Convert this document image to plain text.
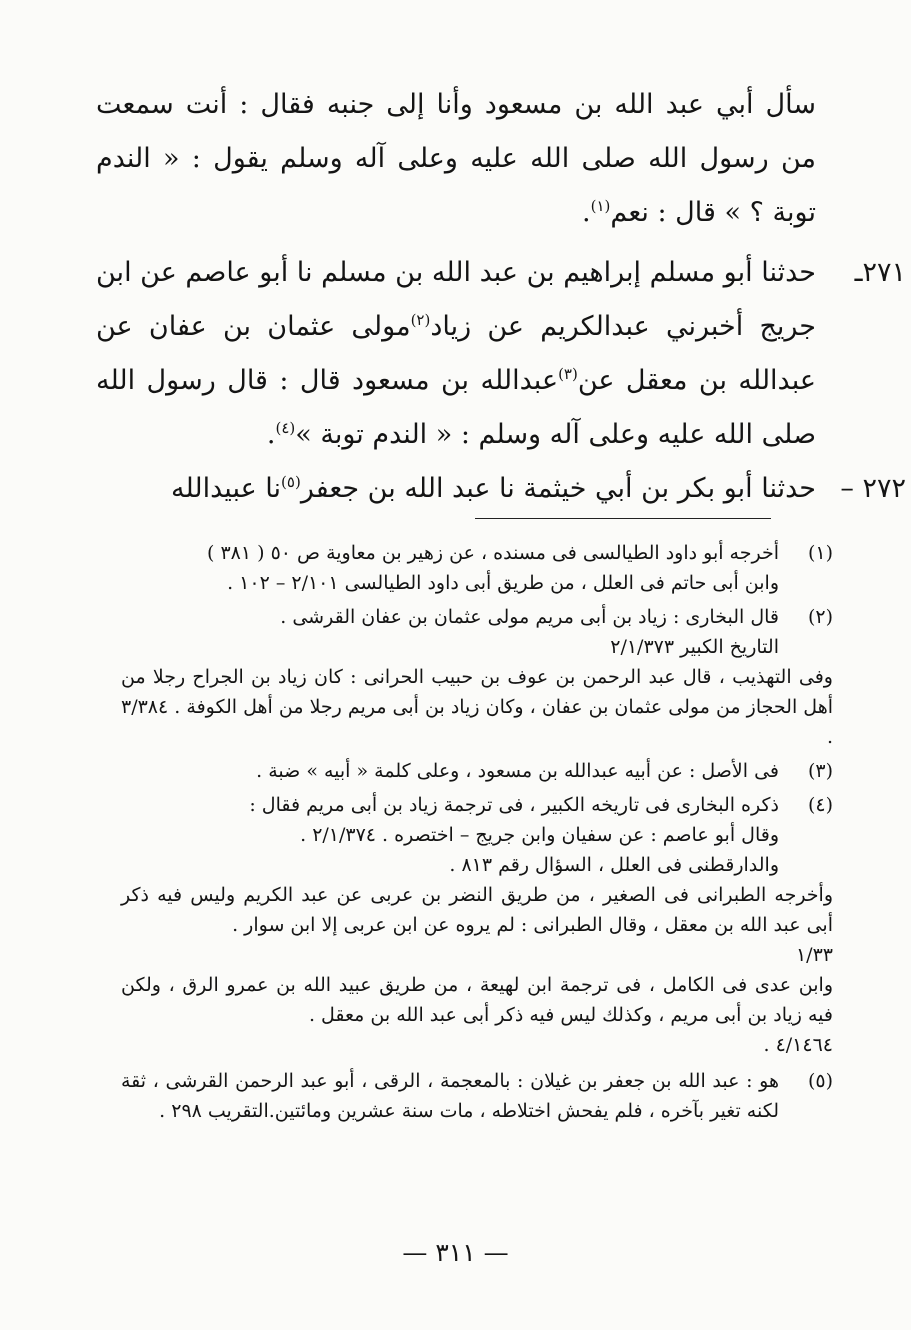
سأل أبي عبد الله بن مسعود وأنا إلى جنبه فقال : أنت سمعت من رسول الله صلى الله عليه وعلى آله وسلم يقول : « الندم توبة ؟ » قال : نعم$^{(١)}$.

٢٧١ـ
حدثنا أبو مسلم إبراهيم بن عبد الله بن مسلم نا أبو عاصم عن ابن جريج أخبرني عبدالكريم عن زياد$^{(٢)}$مولى عثمان بن عفان عن عبدالله بن معقل عن$^{(٣)}$عبدالله بن مسعود قال : قال رسول الله صلى الله عليه وعلى آله وسلم : « الندم توبة »$^{(٤)}$.
٢٧٢ –
حدثنا أبو بكر بن أبي خيثمة نا عبد الله بن جعفر$^{(٥)}$نا عبيدالله
(١)
أخرجه أبو داود الطيالسى فى مسنده ، عن زهير بن معاوية ص ٥٠ ( ٣٨١ )
وابن أبى حاتم فى العلل ، من طريق أبى داود الطيالسى ٢/١٠١ – ١٠٢ .
(٢)
قال البخارى : زياد بن أبى مريم مولى عثمان بن عفان القرشى .
التاريخ الكبير ٢/١/٣٧٣
وفى التهذيب ، قال عبد الرحمن بن عوف بن حبيب الحرانى : كان زياد بن الجراح رجلا من أهل الحجاز من مولى عثمان بن عفان ، وكان زياد بن أبى مريم رجلا من أهل الكوفة . ٣/٣٨٤ .
(٣)
فى الأصل : عن أبيه عبدالله بن مسعود ، وعلى كلمة « أبيه » ضبة .
(٤)
ذكره البخارى فى تاريخه الكبير ، فى ترجمة زياد بن أبى مريم فقال :
وقال أبو عاصم : عن سفيان وابن جريج – اختصره . ٢/١/٣٧٤ .
والدارقطنى فى العلل ، السؤال رقم ٨١٣ .
وأخرجه الطبرانى فى الصغير ، من طريق النضر بن عربى عن عبد الكريم وليس فيه ذكر أبى عبد الله بن معقل ، وقال الطبرانى : لم يروه عن ابن عربى إلا ابن سوار .
١/٣٣
وابن عدى فى الكامل ، فى ترجمة ابن لهيعة ، من طريق عبيد الله بن عمرو الرق ، ولكن فيه زياد بن أبى مريم ، وكذلك ليس فيه ذكر أبى عبد الله بن معقل .
٤/١٤٦٤ .
(٥)
هو : عبد الله بن جعفر بن غيلان : بالمعجمة ، الرقى ، أبو عبد الرحمن القرشى ، ثقة لكنه تغير بآخره ، فلم يفحش اختلاطه ، مات سنة عشرين ومائتين.التقريب ٢٩٨ .
— ٣١١ —
